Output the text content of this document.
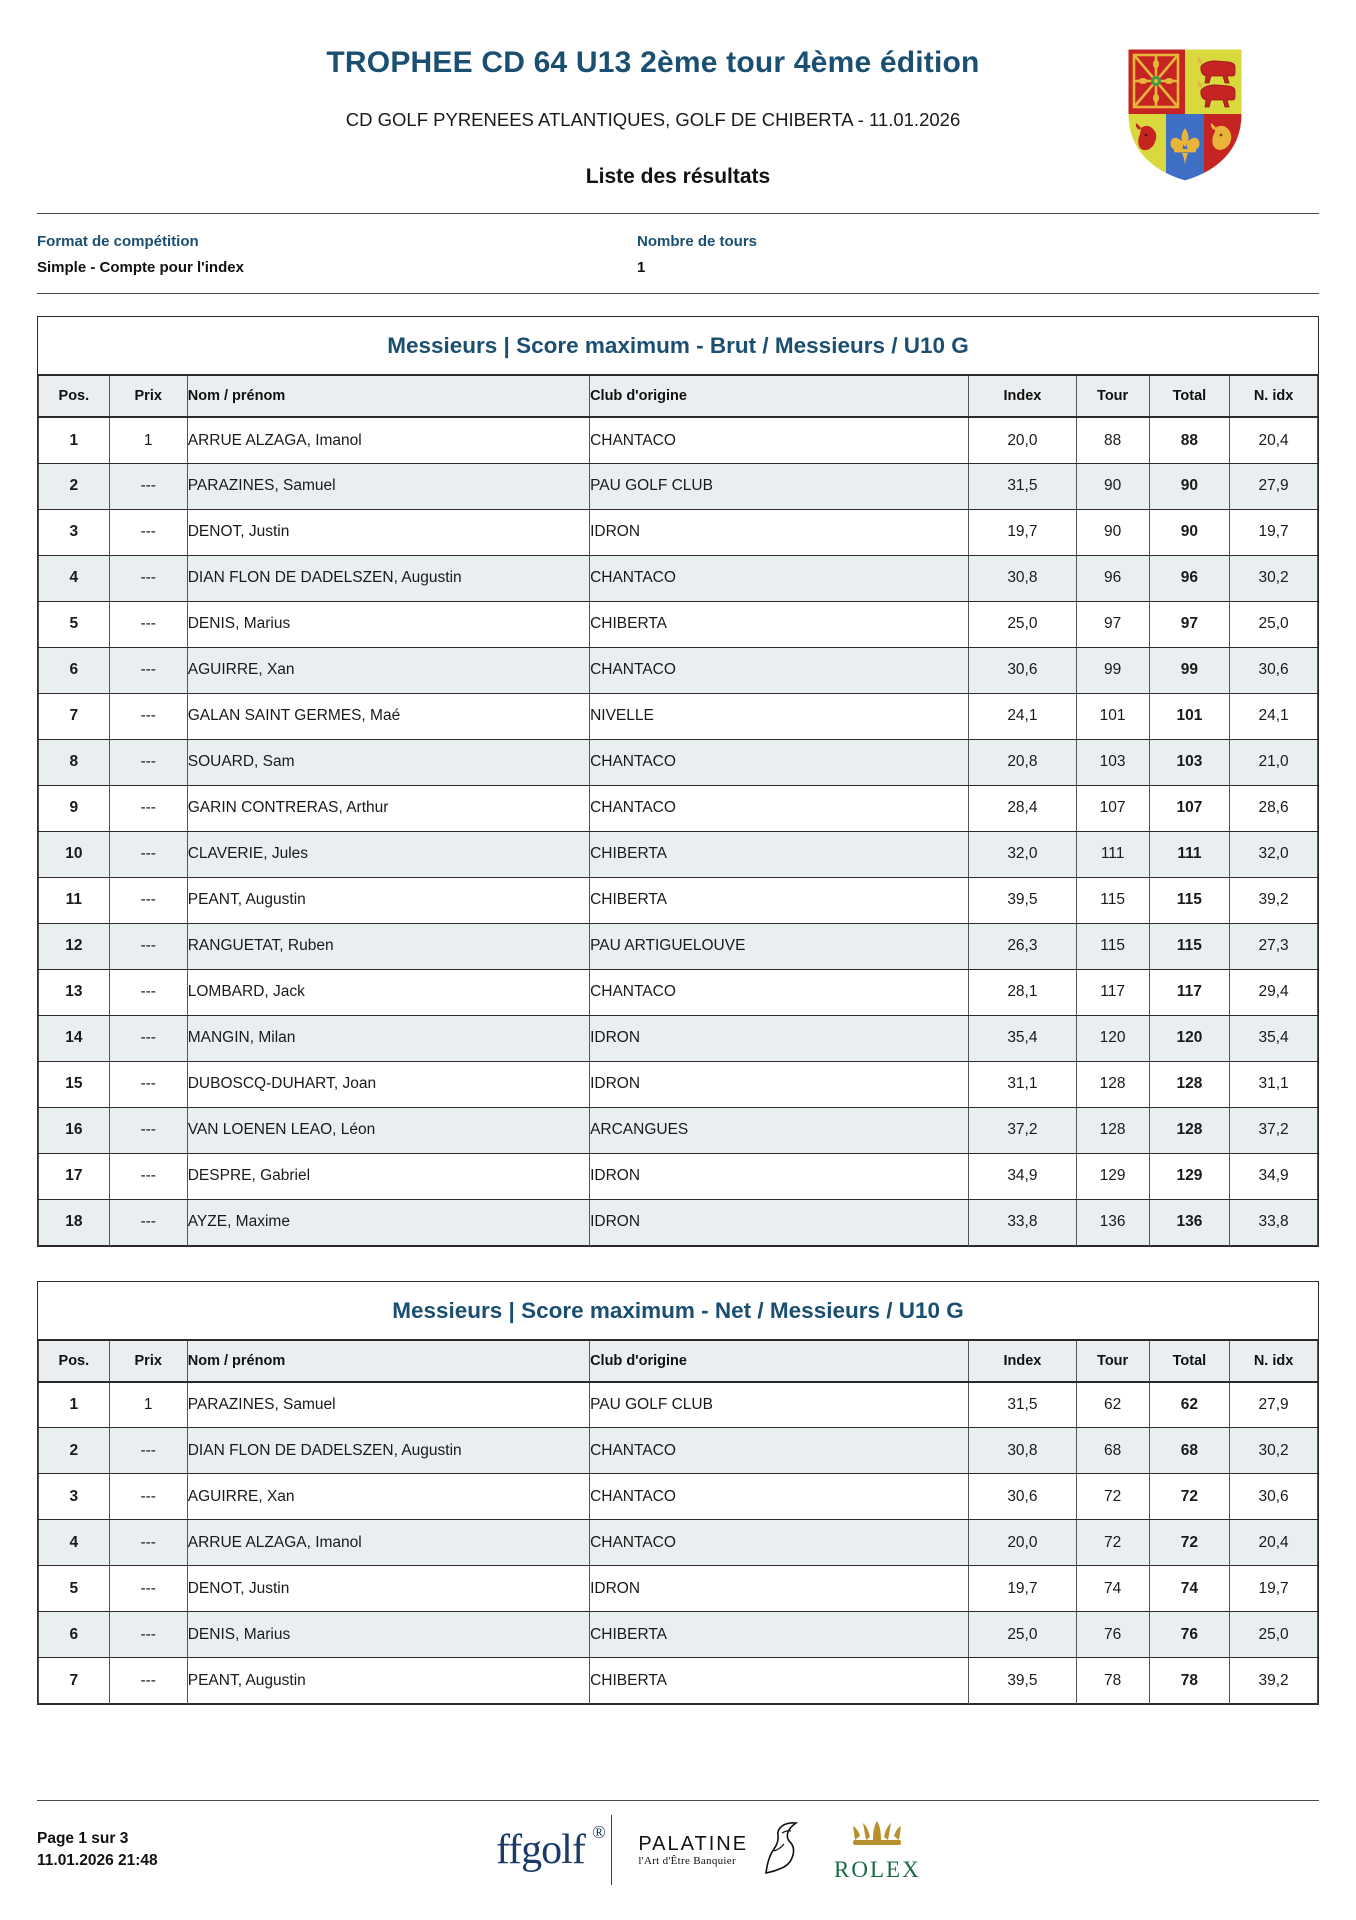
TROPHEE CD 64 U13 2ème tour 4ème édition
CD GOLF PYRENEES ATLANTIQUES, GOLF DE CHIBERTA - 11.01.2026
Liste des résultats
Format de compétition
Simple - Compte pour l'index
Nombre de tours
1
Messieurs | Score maximum - Brut / Messieurs / U10 G
Pos.	Prix	Nom / prénom	Club d'origine	Index	Tour	Total	N. idx
1	1	ARRUE ALZAGA, Imanol	CHANTACO	20,0	88	88	20,4
2	---	PARAZINES, Samuel	PAU GOLF CLUB	31,5	90	90	27,9
3	---	DENOT, Justin	IDRON	19,7	90	90	19,7
4	---	DIAN FLON DE DADELSZEN, Augustin	CHANTACO	30,8	96	96	30,2
5	---	DENIS, Marius	CHIBERTA	25,0	97	97	25,0
6	---	AGUIRRE, Xan	CHANTACO	30,6	99	99	30,6
7	---	GALAN SAINT GERMES, Maé	NIVELLE	24,1	101	101	24,1
8	---	SOUARD, Sam	CHANTACO	20,8	103	103	21,0
9	---	GARIN CONTRERAS, Arthur	CHANTACO	28,4	107	107	28,6
10	---	CLAVERIE, Jules	CHIBERTA	32,0	111	111	32,0
11	---	PEANT, Augustin	CHIBERTA	39,5	115	115	39,2
12	---	RANGUETAT, Ruben	PAU ARTIGUELOUVE	26,3	115	115	27,3
13	---	LOMBARD, Jack	CHANTACO	28,1	117	117	29,4
14	---	MANGIN, Milan	IDRON	35,4	120	120	35,4
15	---	DUBOSCQ-DUHART, Joan	IDRON	31,1	128	128	31,1
16	---	VAN LOENEN LEAO, Léon	ARCANGUES	37,2	128	128	37,2
17	---	DESPRE, Gabriel	IDRON	34,9	129	129	34,9
18	---	AYZE, Maxime	IDRON	33,8	136	136	33,8
Messieurs | Score maximum - Net / Messieurs / U10 G
Pos.	Prix	Nom / prénom	Club d'origine	Index	Tour	Total	N. idx
1	1	PARAZINES, Samuel	PAU GOLF CLUB	31,5	62	62	27,9
2	---	DIAN FLON DE DADELSZEN, Augustin	CHANTACO	30,8	68	68	30,2
3	---	AGUIRRE, Xan	CHANTACO	30,6	72	72	30,6
4	---	ARRUE ALZAGA, Imanol	CHANTACO	20,0	72	72	20,4
5	---	DENOT, Justin	IDRON	19,7	74	74	19,7
6	---	DENIS, Marius	CHIBERTA	25,0	76	76	25,0
7	---	PEANT, Augustin	CHIBERTA	39,5	78	78	39,2
Page 1 sur 3
11.01.2026 21:48	ffgolf ®
PALATINE
l'Art d'Être Banquier	ROLEX
